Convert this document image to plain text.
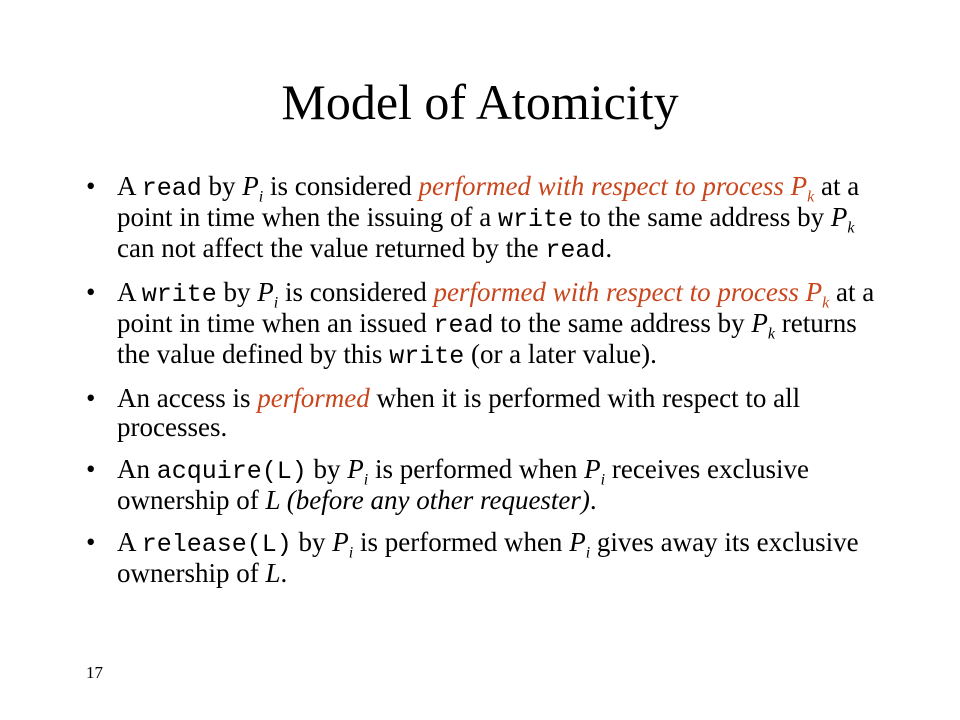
Model of Atomicity
• A read by $P_i$ is considered performed with respect to process $P_k$ at a point in time when the issuing of a write to the same address by $P_k$ can not affect the value returned by the read.
• A write by $P_i$ is considered performed with respect to process $P_k$ at a point in time when an issued read to the same address by $P_k$ returns the value defined by this write (or a later value).
• An access is performed when it is performed with respect to all processes.
• An acquire(L) by $P_i$ is performed when $P_i$ receives exclusive ownership of L (before any other requester).
• A release(L) by $P_i$ is performed when $P_i$ gives away its exclusive ownership of L.
17
